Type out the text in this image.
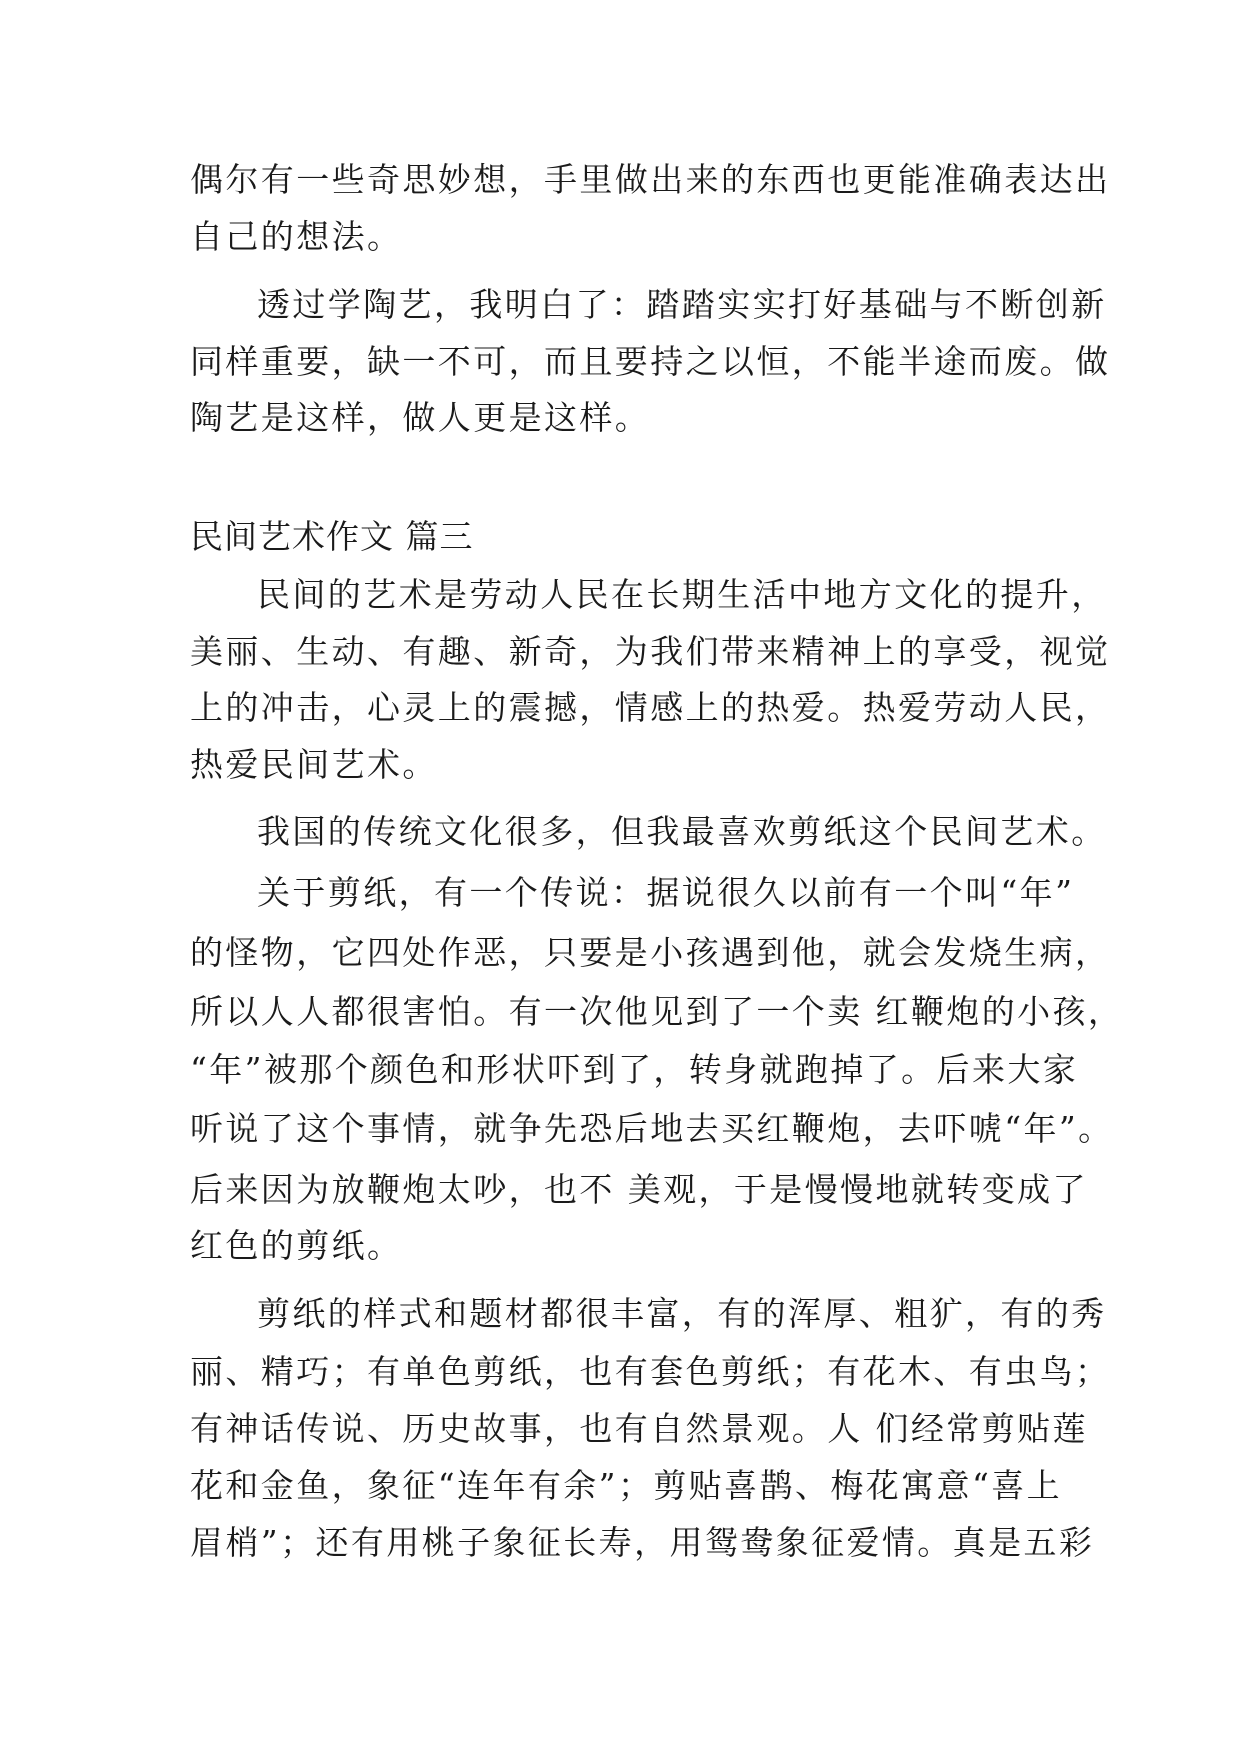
偶尔有一些奇思妙想，手里做出来的东西也更能准确表达出
自己的想法。
透过学陶艺，我明白了：踏踏实实打好基础与不断创新
同样重要，缺一不可，而且要持之以恒，不能半途而废。做
陶艺是这样，做人更是这样。
民间艺术作文 篇三
民间的艺术是劳动人民在长期生活中地方文化的提升，
美丽、生动、有趣、新奇，为我们带来精神上的享受，视觉
上的冲击，心灵上的震撼，情感上的热爱。热爱劳动人民，
热爱民间艺术。
我国的传统文化很多，但我最喜欢剪纸这个民间艺术。
关于剪纸，有一个传说：据说很久以前有一个叫“年”
的怪物，它四处作恶，只要是小孩遇到他，就会发烧生病，
所以人人都很害怕。有一次他见到了一个卖 红鞭炮的小孩，
“年”被那个颜色和形状吓到了，转身就跑掉了。后来大家
听说了这个事情，就争先恐后地去买红鞭炮，去吓唬“年”。
后来因为放鞭炮太吵，也不 美观，于是慢慢地就转变成了
红色的剪纸。
剪纸的样式和题材都很丰富，有的浑厚、粗犷，有的秀
丽、精巧；有单色剪纸，也有套色剪纸；有花木、有虫鸟；
有神话传说、历史故事，也有自然景观。人 们经常剪贴莲
花和金鱼，象征“连年有余”；剪贴喜鹊、梅花寓意“喜上
眉梢”；还有用桃子象征长寿，用鸳鸯象征爱情。真是五彩
